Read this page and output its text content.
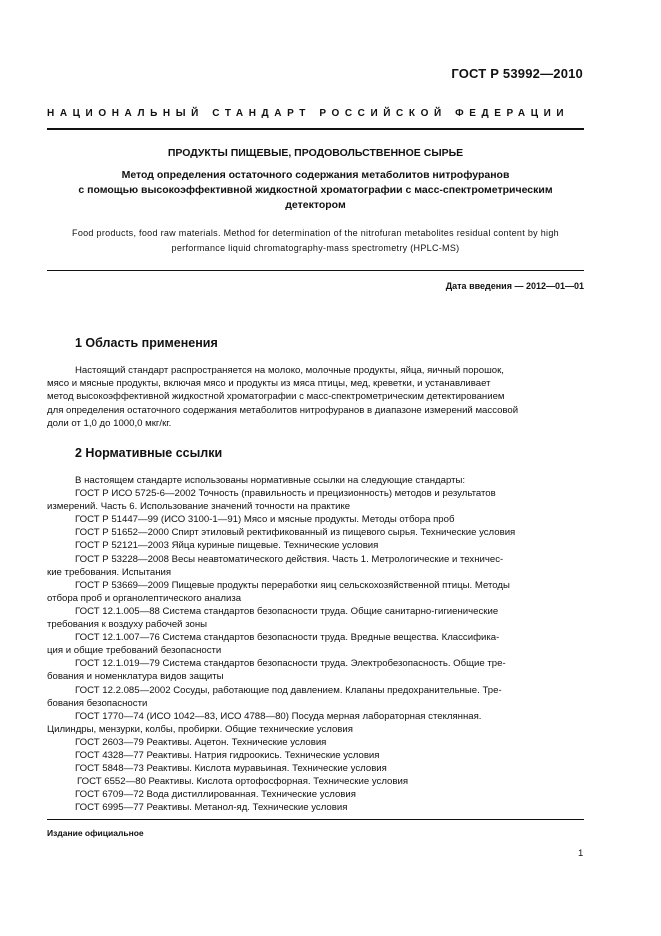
ГОСТ Р 53992—2010
НАЦИОНАЛЬНЫЙ СТАНДАРТ РОССИЙСКОЙ ФЕДЕРАЦИИ
ПРОДУКТЫ ПИЩЕВЫЕ, ПРОДОВОЛЬСТВЕННОЕ СЫРЬЕ
Метод определения остаточного содержания метаболитов нитрофуранов
с помощью высокоэффективной жидкостной хроматографии с масс-спектрометрическим
детектором
Food products, food raw materials. Method for determination of the nitrofuran metabolites residual content by high
performance liquid chromatography-mass spectrometry (HPLC-MS)
Дата введения — 2012—01—01
1 Область применения
Настоящий стандарт распространяется на молоко, молочные продукты, яйца, яичный порошок,
мясо и мясные продукты, включая мясо и продукты из мяса птицы, мед, креветки, и устанавливает
метод высокоэффективной жидкостной хроматографии с масс-спектрометрическим детектированием
для определения остаточного содержания метаболитов нитрофуранов в диапазоне измерений массовой
доли от 1,0 до 1000,0 мкг/кг.
2 Нормативные ссылки
В настоящем стандарте использованы нормативные ссылки на следующие стандарты:
ГОСТ Р ИСО 5725-6—2002 Точность (правильность и прецизионность) методов и результатов
измерений. Часть 6. Использование значений точности на практике
ГОСТ Р 51447—99 (ИСО 3100-1—91) Мясо и мясные продукты. Методы отбора проб
ГОСТ Р 51652—2000 Спирт этиловый ректификованный из пищевого сырья. Технические условия
ГОСТ Р 52121—2003 Яйца куриные пищевые. Технические условия
ГОСТ Р 53228—2008 Весы неавтоматического действия. Часть 1. Метрологические и техничес-
кие требования. Испытания
ГОСТ Р 53669—2009 Пищевые продукты переработки яиц сельскохозяйственной птицы. Методы
отбора проб и органолептического анализа
ГОСТ 12.1.005—88 Система стандартов безопасности труда. Общие санитарно-гигиенические
требования к воздуху рабочей зоны
ГОСТ 12.1.007—76 Система стандартов безопасности труда. Вредные вещества. Классифика-
ция и общие требований безопасности
ГОСТ 12.1.019—79 Система стандартов безопасности труда. Электробезопасность. Общие тре-
бования и номенклатура видов защиты
ГОСТ 12.2.085—2002 Сосуды, работающие под давлением. Клапаны предохранительные. Тре-
бования безопасности
ГОСТ 1770—74 (ИСО 1042—83, ИСО 4788—80) Посуда мерная лабораторная стеклянная.
Цилиндры, мензурки, колбы, пробирки. Общие технические условия
ГОСТ 2603—79 Реактивы. Ацетон. Технические условия
ГОСТ 4328—77 Реактивы. Натрия гидроокись. Технические условия
ГОСТ 5848—73 Реактивы. Кислота муравьиная. Технические условия
ГОСТ 6552—80 Реактивы. Кислота ортофосфорная. Технические условия
ГОСТ 6709—72 Вода дистиллированная. Технические условия
ГОСТ 6995—77 Реактивы. Метанол-яд. Технические условия
Издание официальное
1
